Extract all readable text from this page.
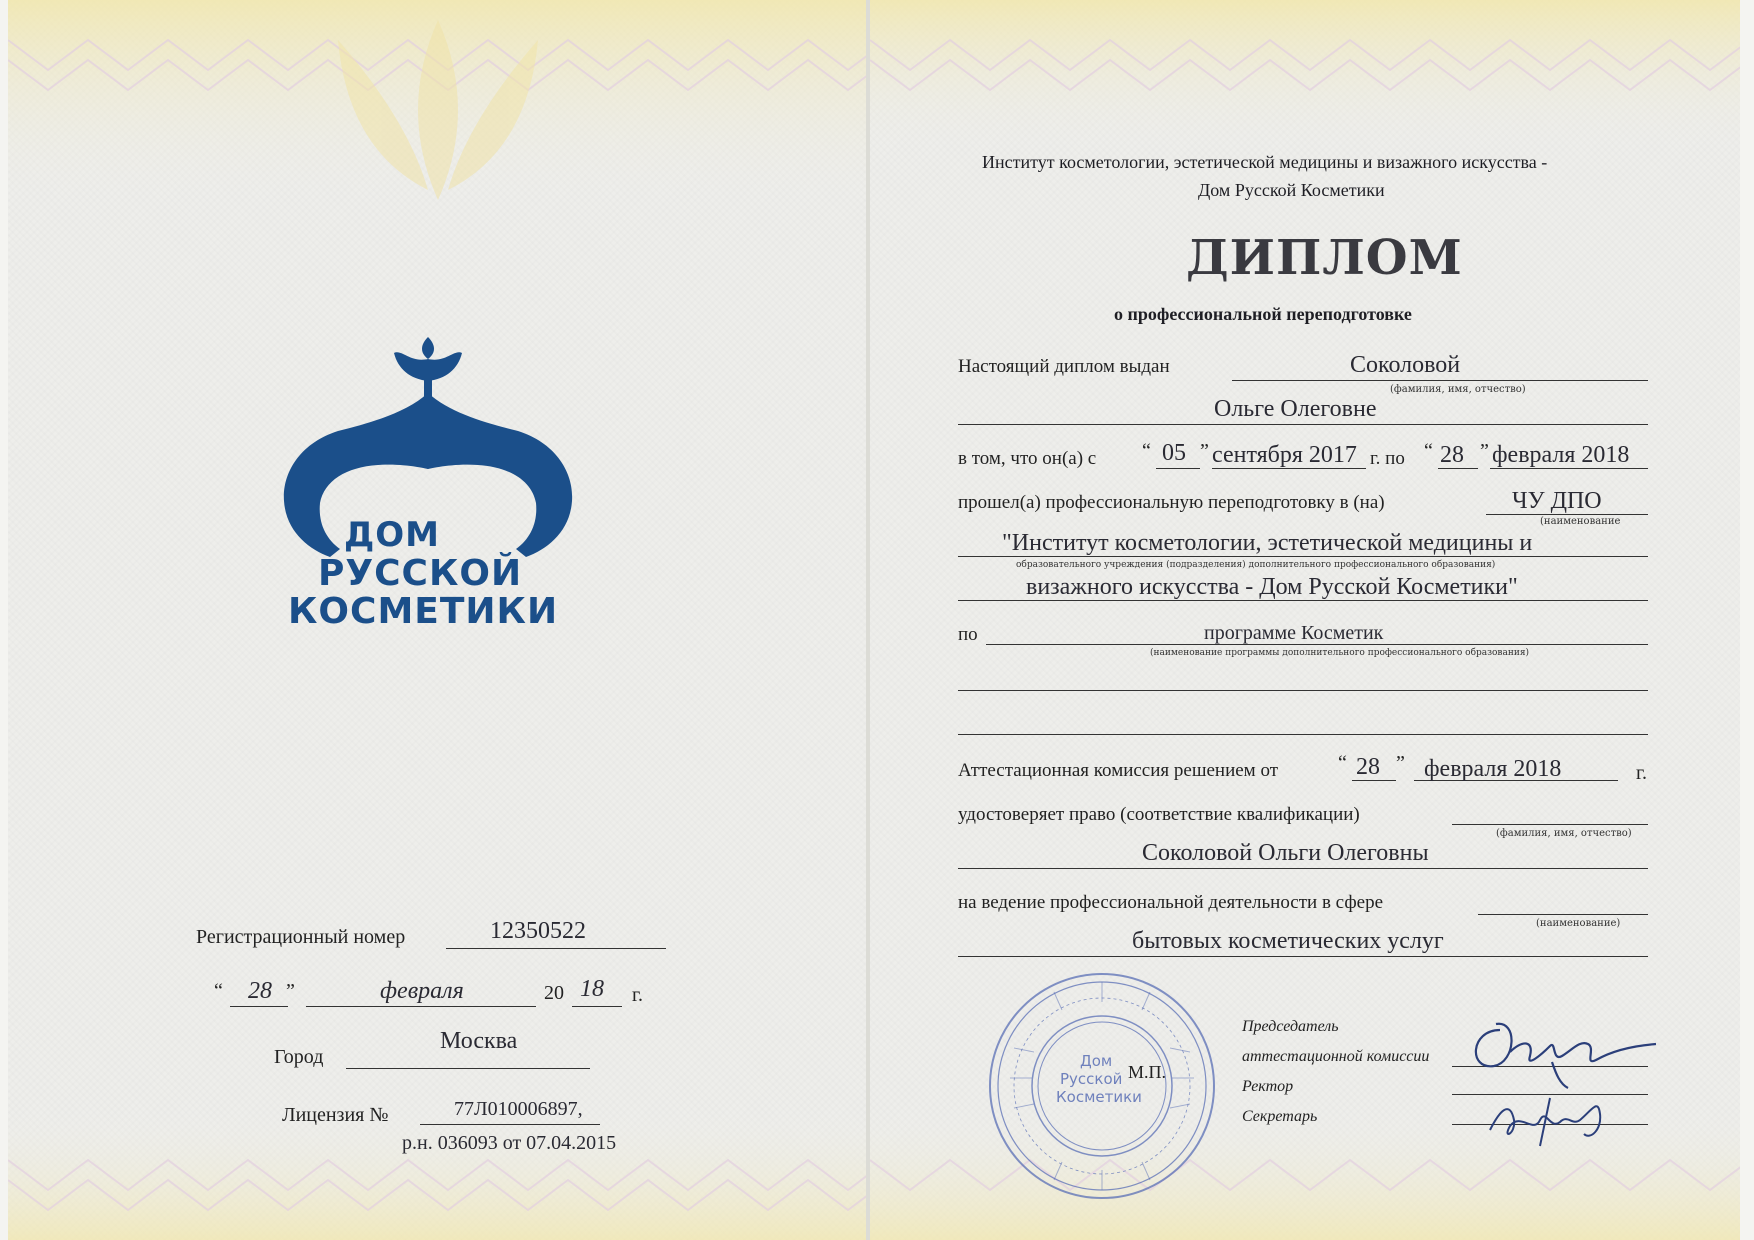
ДОМ
РУССКОЙ
КОСМЕТИКИ
Регистрационный номер	12350522
“ 28 ”	февраля	20 18 г.
Город
Москва
Лицензия №	77Л010006897,
р.н. 036093 от 07.04.2015
Институт косметологии, эстетической медицины и визажного искусства -
Дом Русской Косметики
ДИПЛОМ
о профессиональной переподготовке
Настоящий диплом выдан	Соколовой
(фамилия, имя, отчество)
Ольге Олеговне
в том, что он(а) с “ 05 ” сентября 2017 г. по “ 28 ” февраля 2018
прошел(а) профессиональную переподготовку в (на)	ЧУ ДПО
(наименование
"Институт косметологии, эстетической медицины и
образовательного учреждения (подразделения) дополнительного профессионального образования)
визажного искусства - Дом Русской Косметики"
по	программе Косметик
(наименование программы дополнительного профессионального образования)
Аттестационная комиссия решением от	“ 28 ” февраля 2018	г.
удостоверяет право (соответствие квалификации)
(фамилия, имя, отчество)
Соколовой Ольги Олеговны
на ведение профессиональной деятельности в сфере
(наименование)
бытовых косметических услуг
Дом
Русской
Косметики
М.П.
Председатель
аттестационной комиссии
Ректор
Секретарь
